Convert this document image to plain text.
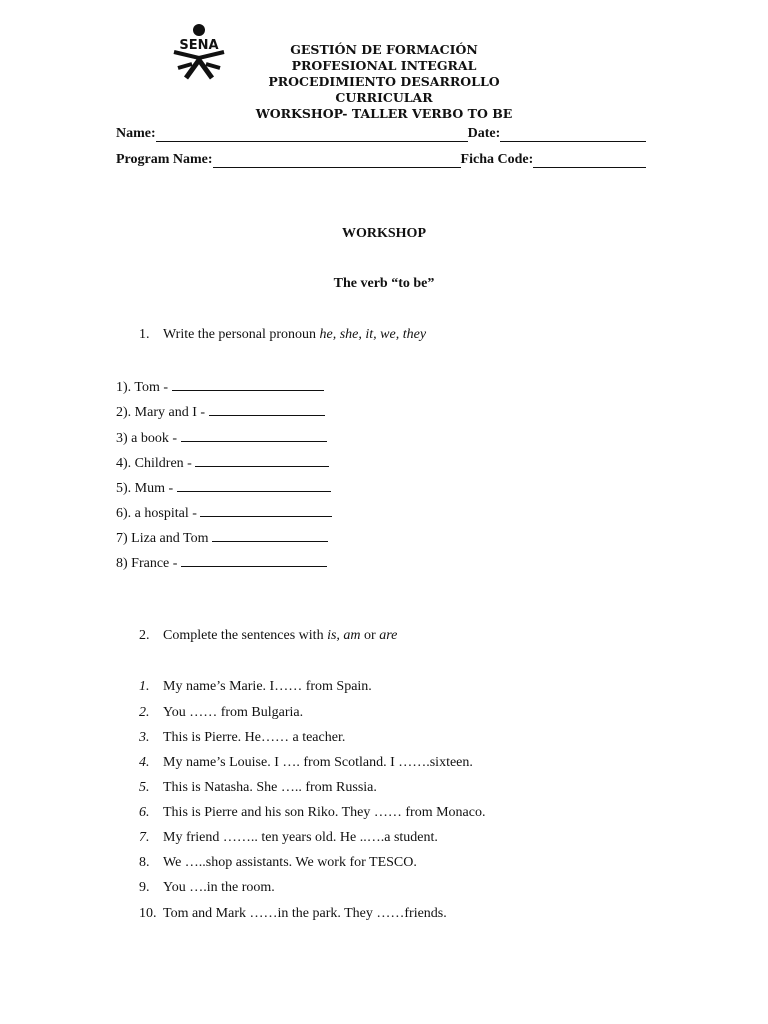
SENA	GESTIÓN DE FORMACIÓN PROFESIONAL INTEGRAL
PROCEDIMIENTO DESARROLLO CURRICULAR
WORKSHOP- TALLER VERBO TO BE
Name:	Date:
Program Name:	Ficha Code:
WORKSHOP
The verb “to be”
1. Write the personal pronoun he, she, it, we, they
1). Tom -
2). Mary and I -
3) a book -
4). Children -
5). Mum -
6). a hospital -
7) Liza and Tom
8) France -
2. Complete the sentences with is, am or are
1. My name’s Marie. I…… from Spain.
2. You …… from Bulgaria.
3. This is Pierre. He…… a teacher.
4. My name’s Louise. I …. from Scotland. I …….sixteen.
5. This is Natasha. She ….. from Russia.
6. This is Pierre and his son Riko. They …… from Monaco.
7. My friend …….. ten years old. He ..….a student.
8. We …..shop assistants. We work for TESCO.
9. You ….in the room.
10. Tom and Mark ……in the park. They ……friends.
